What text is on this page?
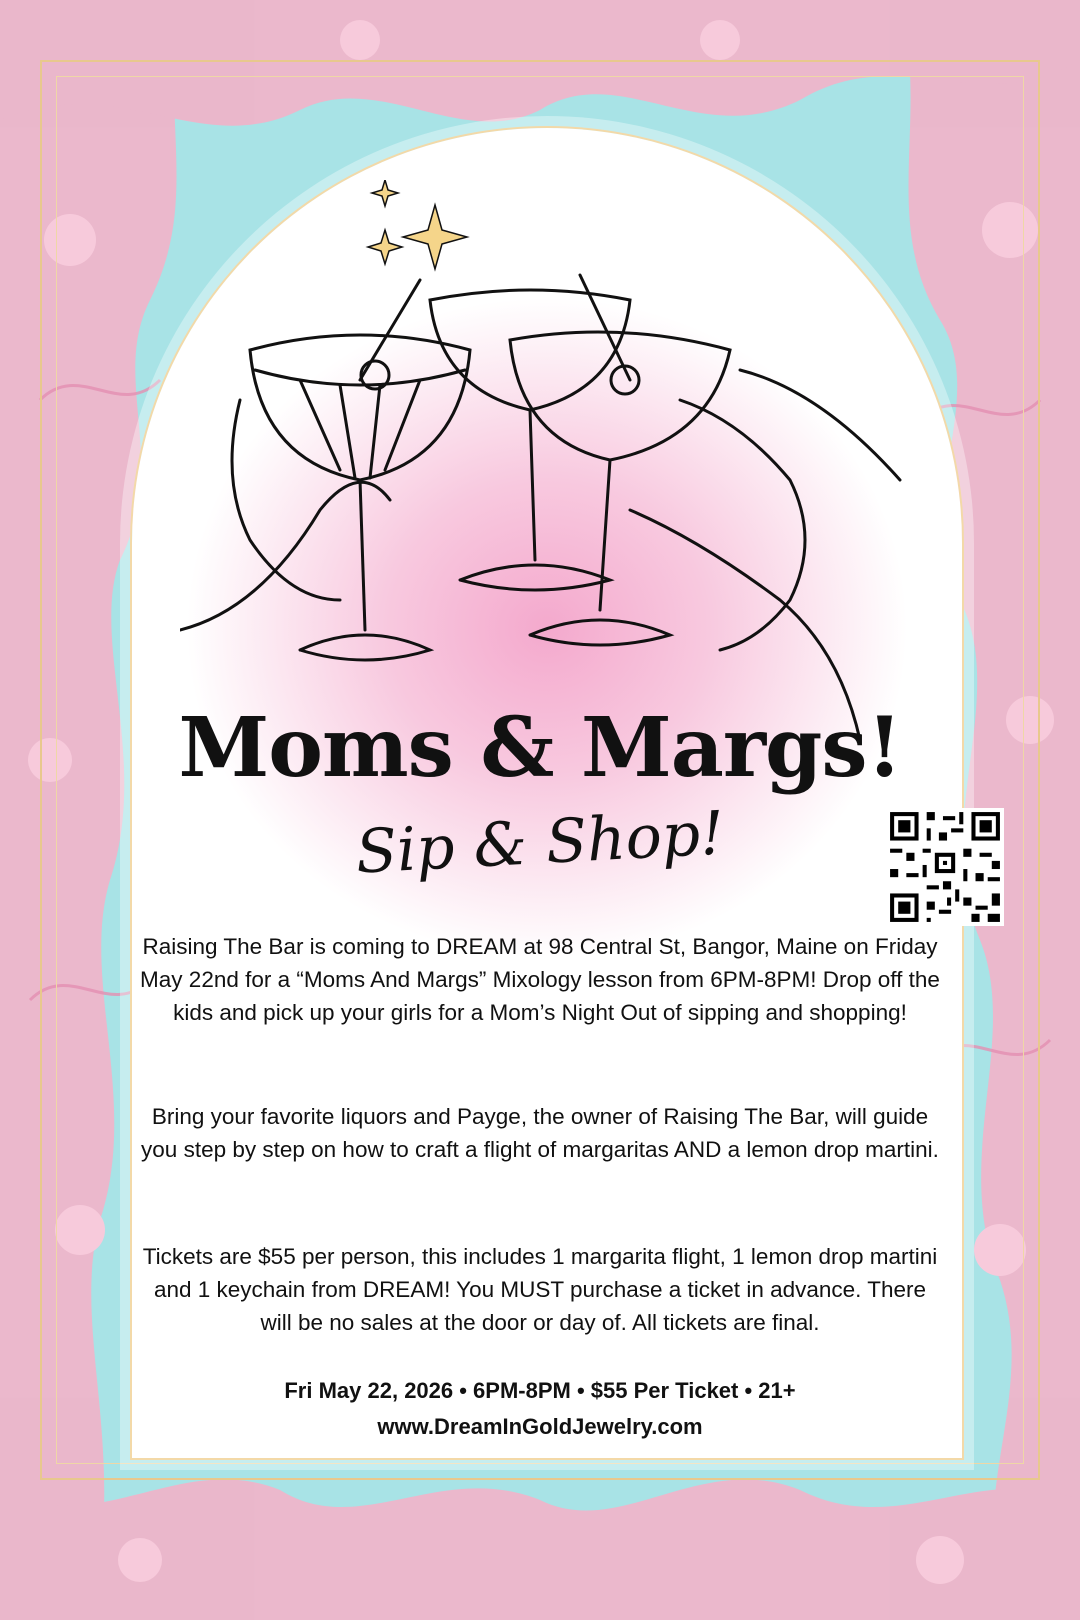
Moms & Margs!
Sip & Shop!
Raising The Bar is coming to DREAM at 98 Central St, Bangor, Maine on Friday May 22nd for a “Moms And Margs” Mixology lesson from 6PM-8PM! Drop off the kids and pick up your girls for a Mom’s Night Out of sipping and shopping!
Bring your favorite liquors and Payge, the owner of Raising The Bar, will guide you step by step on how to craft a flight of margaritas AND a lemon drop martini.
Tickets are $55 per person, this includes 1 margarita flight, 1 lemon drop martini and 1 keychain from DREAM! You MUST purchase a ticket in advance. There will be no sales at the door or day of. All tickets are final.
Fri May 22, 2026 • 6PM-8PM • $55 Per Ticket • 21+
www.DreamInGoldJewelry.com
